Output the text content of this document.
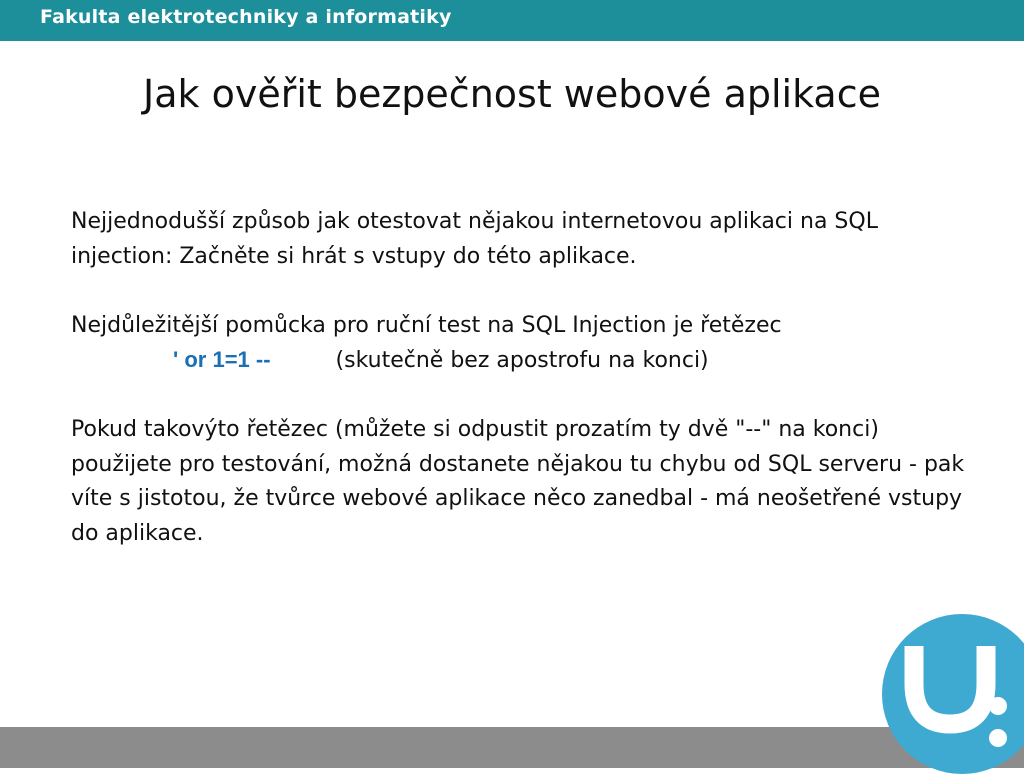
Fakulta elektrotechniky a informatiky
Jak ověřit bezpečnost webové aplikace

Nejjednodušší způsob jak otestovat nějakou internetovou aplikaci na SQL injection: Začněte si hrát s vstupy do této aplikace.

Nejdůležitější pomůcka pro ruční test na SQL Injection je řetězec

' or 1=1 --	(skutečně bez apostrofu na konci)

Pokud takovýto řetězec (můžete si odpustit prozatím ty dvě "--" na konci) použijete pro testování, možná dostanete nějakou tu chybu od SQL serveru - pak víte s jistotou, že tvůrce webové aplikace něco zanedbal - má neošetřené vstupy do aplikace.
